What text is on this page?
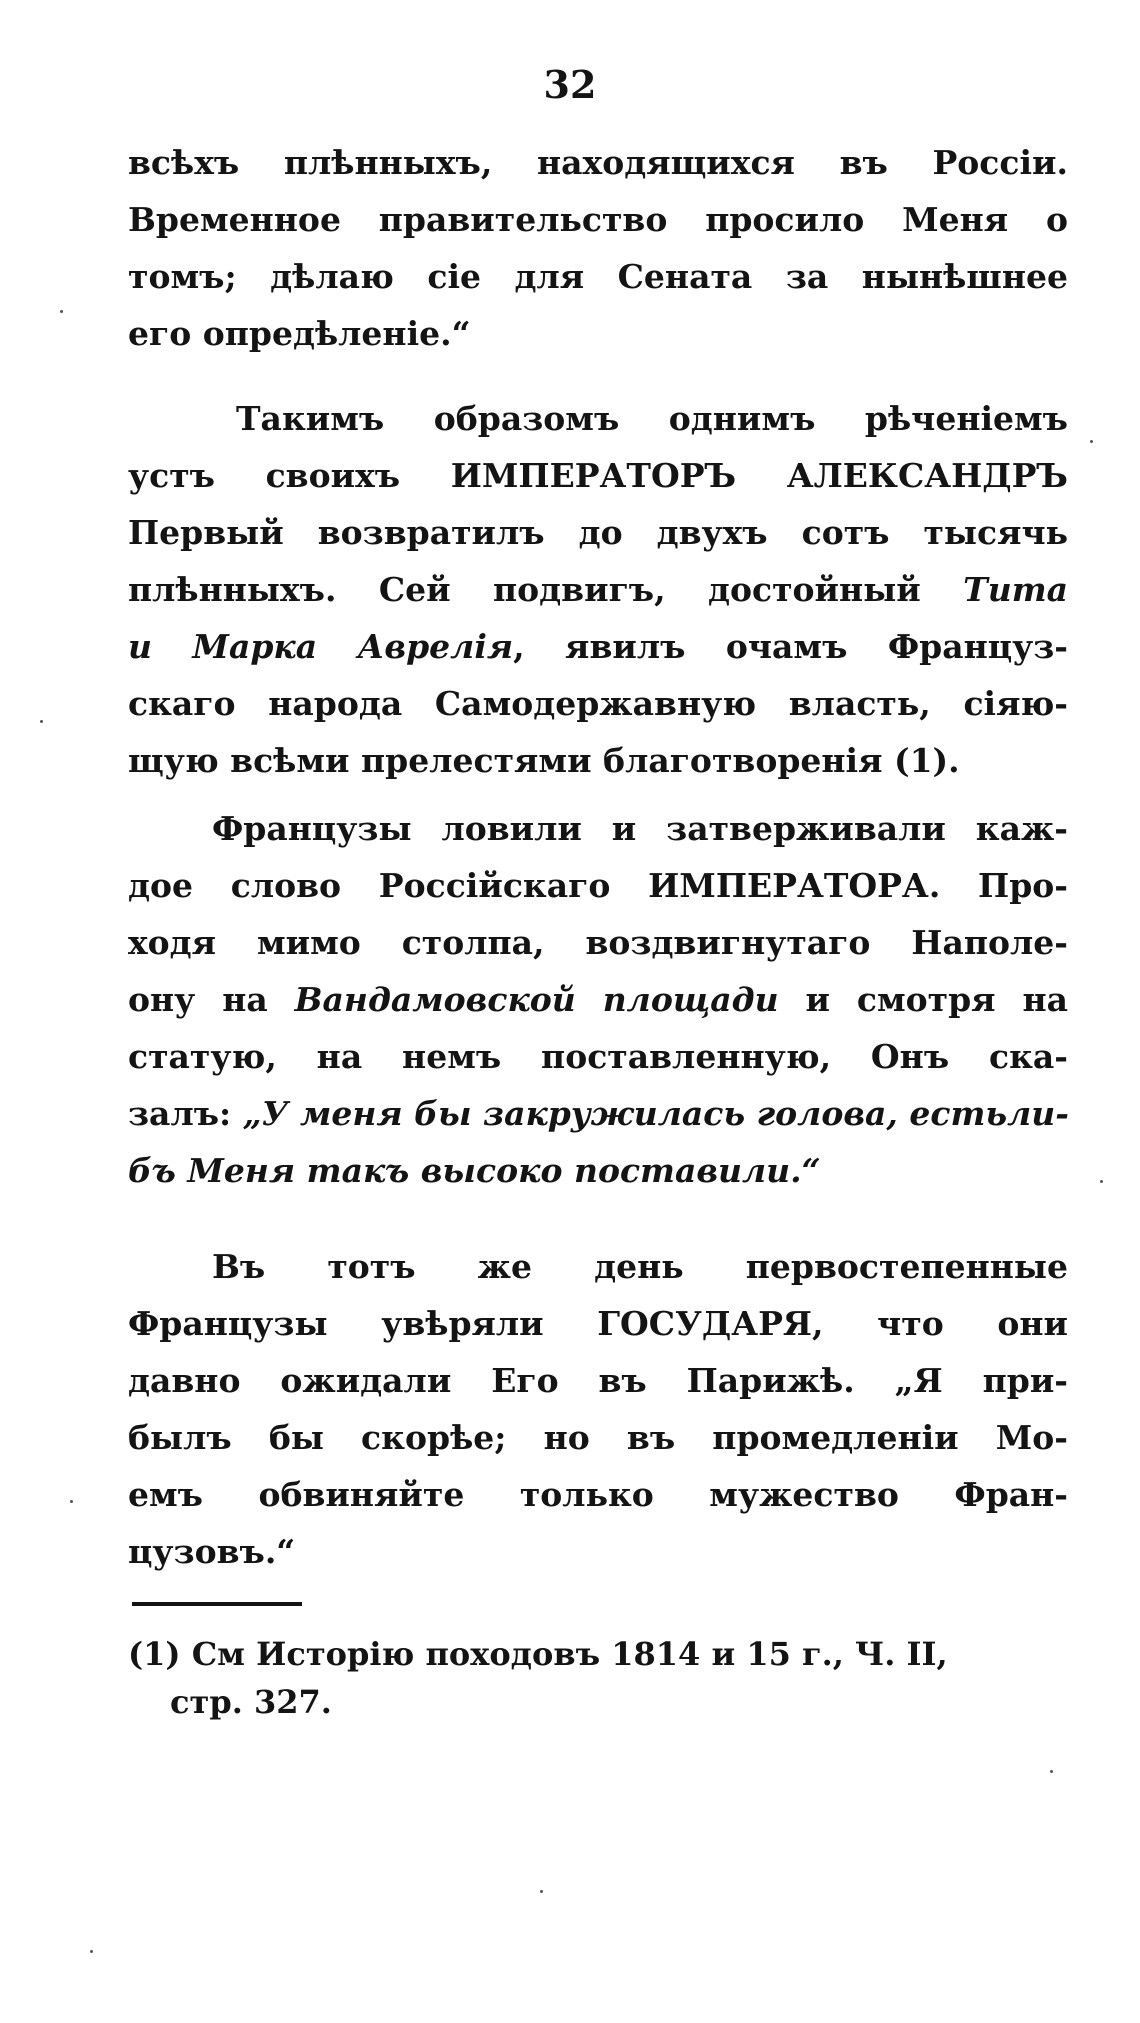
32

всѣхъ плѣнныхъ, находящихся въ Россіи.
Временное правительство просило Меня о
томъ; дѣлаю сіе для Сената за нынѣшнее
его опредѣленіе.“

Такимъ образомъ однимъ рѣченіемъ
устъ своихъ ИМПЕРАТОРЪ АЛЕКСАНДРЪ
Первый возвратилъ до двухъ сотъ тысячь
плѣнныхъ. Сей подвигъ, достойный Тита
и Марка Аврелія, явилъ очамъ Француз-
скаго народа Самодержавную власть, сіяю-
щую всѣми прелестями благотворенія (1).

Французы ловили и затверживали каж-
дое слово Россійскаго ИМПЕРАТОРА. Про-
ходя мимо столпа, воздвигнутаго Наполе-
ону на Вандамовской площади и смотря на
статую, на немъ поставленную, Онъ ска-
залъ: „У меня бы закружилась голова, естьли-
бъ Меня такъ высоко поставили.“

Въ тотъ же день первостепенные
Французы увѣряли ГОСУДАРЯ, что они
давно ожидали Его въ Парижѣ. „Я при-
былъ бы скорѣе; но въ промедленіи Мо-
емъ обвиняйте только мужество Фран-
цузовъ.“

(1) См Исторію походовъ 1814 и 15 г., Ч. II,
стр. 327.
